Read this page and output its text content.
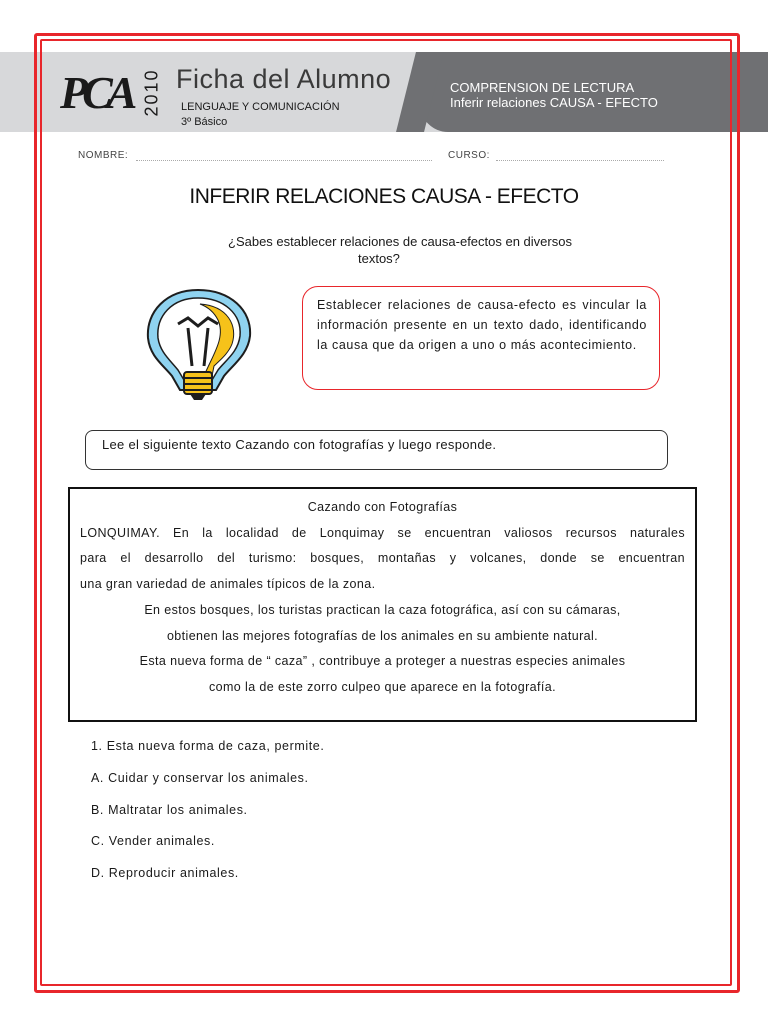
PCA 2010 Ficha del Alumno
LENGUAJE Y COMUNICACIÓN
3º Básico
COMPRENSION DE LECTURA
Inferir relaciones CAUSA - EFECTO
NOMBRE:	CURSO:
INFERIR RELACIONES CAUSA - EFECTO
¿Sabes establecer relaciones de causa-efectos en diversos
textos?
Establecer relaciones de causa-efecto es vincular la información presente en un texto dado, identificando la causa que da origen a uno o más acontecimiento.
Lee el siguiente texto Cazando con fotografías y luego responde.
Cazando con Fotografías
LONQUIMAY. En la localidad de Lonquimay se encuentran valiosos recursos naturales
para el desarrollo del turismo: bosques, montañas y volcanes, donde se encuentran
una gran variedad de animales típicos de la zona.
En estos bosques, los turistas practican la caza fotográfica, así con su cámaras,
obtienen las mejores fotografías de los animales en su ambiente natural.
Esta nueva forma de “ caza” , contribuye a proteger a nuestras especies animales
como la de este zorro culpeo que aparece en la fotografía.
1. Esta nueva forma de caza, permite.
A. Cuidar y conservar los animales.
B. Maltratar los animales.
C. Vender animales.
D. Reproducir animales.
